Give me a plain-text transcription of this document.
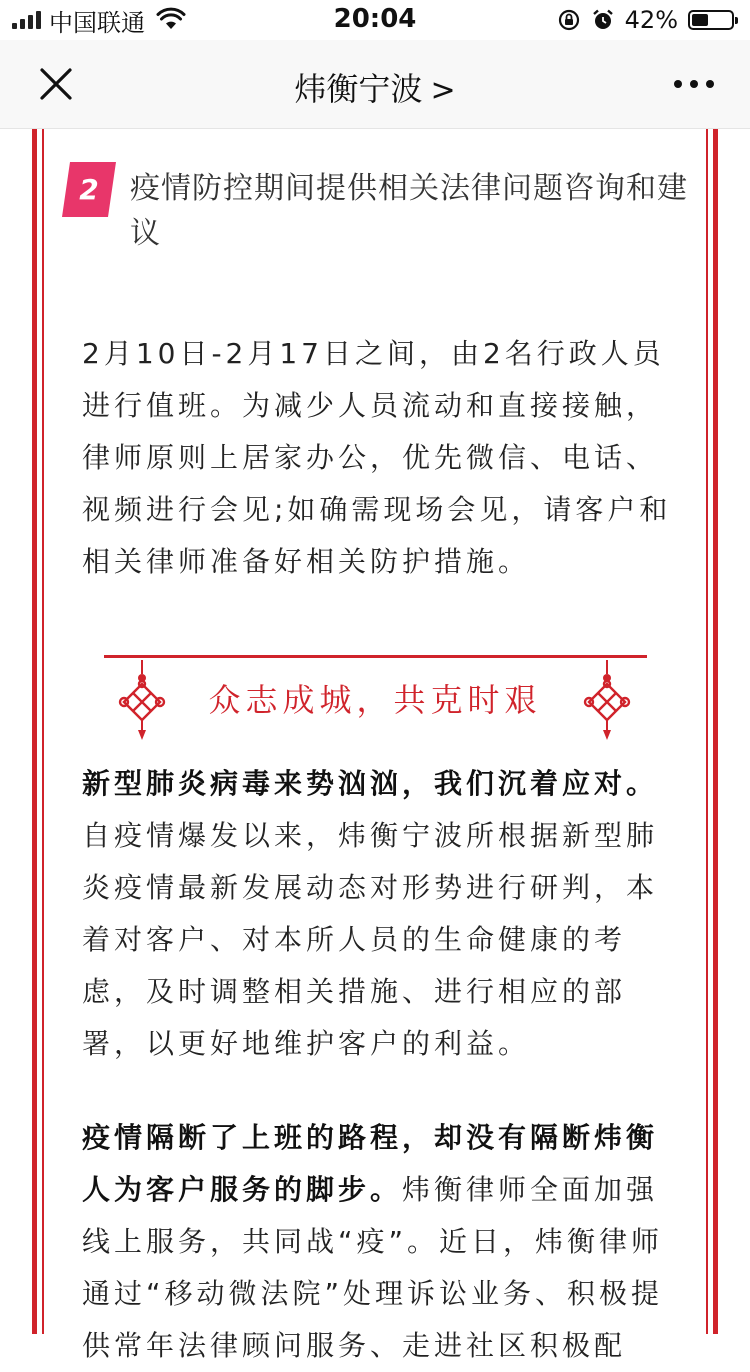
中国联通	20:04	42%
炜衡宁波 >
2	疫情防控期间提供相关法律问题咨询和建议
2月10日-2月17日之间，由2名行政人员进行值班。为减少人员流动和直接接触，律师原则上居家办公，优先微信、电话、视频进行会见;如确需现场会见，请客户和相关律师准备好相关防护措施。
众志成城，共克时艰
新型肺炎病毒来势汹汹，我们沉着应对。自疫情爆发以来，炜衡宁波所根据新型肺炎疫情最新发展动态对形势进行研判，本着对客户、对本所人员的生命健康的考虑，及时调整相关措施、进行相应的部署，以更好地维护客户的利益。
疫情隔断了上班的路程，却没有隔断炜衡人为客户服务的脚步。炜衡律师全面加强线上服务，共同战“疫”。近日，炜衡律师通过“移动微法院”处理诉讼业务、积极提供常年法律顾问服务、走进社区积极配
